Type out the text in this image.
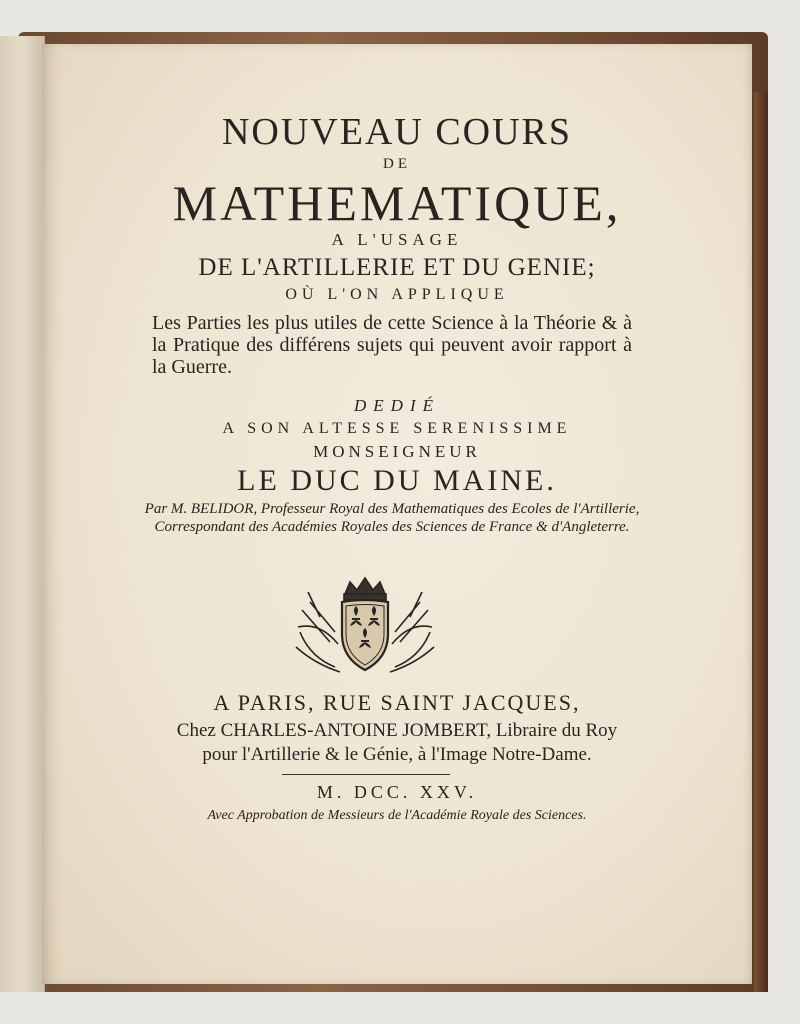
NOUVEAU COURS
DE
MATHEMATIQUE,
A L'USAGE
DE L'ARTILLERIE ET DU GENIE;
OÙ L'ON APPLIQUE
Les Parties les plus utiles de cette Science à la Théorie & à la Pratique des différens sujets qui peuvent avoir rapport à la Guerre.
DEDIÉ
A SON ALTESSE SERENISSIME
MONSEIGNEUR
LE DUC DU MAINE.
Par M. BELIDOR, Professeur Royal des Mathematiques des Ecoles de l'Artillerie, Correspondant des Académies Royales des Sciences de France & d'Angleterre.
A PARIS, RUE SAINT JACQUES,
Chez CHARLES-ANTOINE JOMBERT, Libraire du Roy
pour l'Artillerie & le Génie, à l'Image Notre-Dame.
M. DCC. XXV.
Avec Approbation de Messieurs de l'Académie Royale des Sciences.
